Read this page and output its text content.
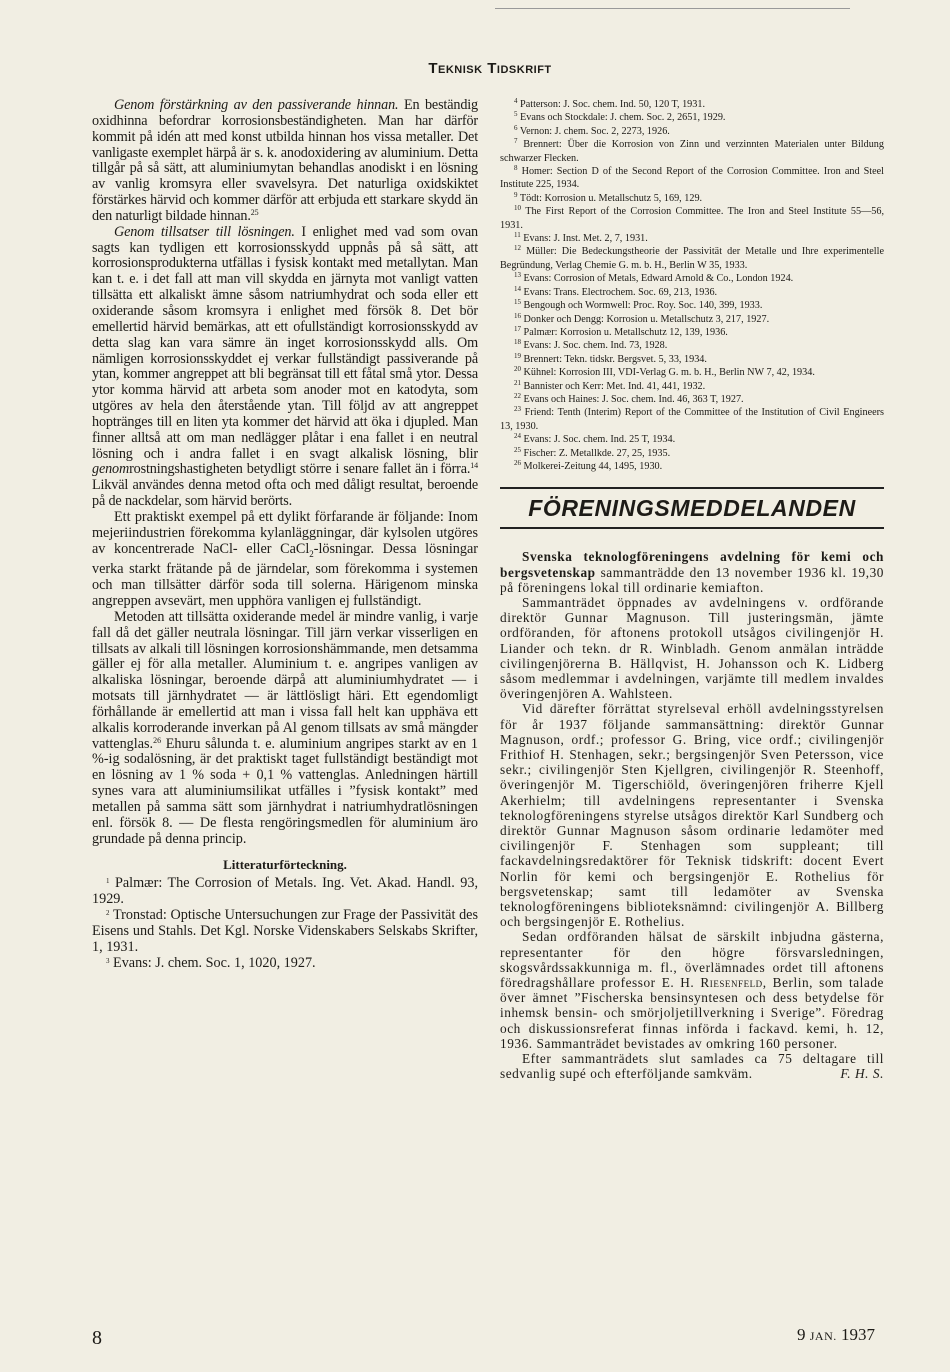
Teknisk Tidskrift

Genom förstärkning av den passiverande hinnan. En beständig oxidhinna befordrar korrosionsbeständigheten. Man har därför kommit på idén att med konst utbilda hinnan hos vissa metaller. Det vanligaste exemplet härpå är s. k. anodoxidering av aluminium. Detta tillgår på så sätt, att aluminiumytan behandlas anodiskt i en lösning av vanlig kromsyra eller svavelsyra. Det naturliga oxidskiktet förstärkes härvid och kommer därför att erbjuda ett starkare skydd än den naturligt bildade hinnan.$^{25}$

Genom tillsatser till lösningen. I enlighet med vad som ovan sagts kan tydligen ett korrosionsskydd uppnås på så sätt, att korrosionsprodukterna utfällas i fysisk kontakt med metallytan. Man kan t. e. i det fall att man vill skydda en järnyta mot vanligt vatten tillsätta ett alkaliskt ämne såsom natriumhydrat och soda eller ett oxiderande såsom kromsyra i enlighet med försök 8. Det bör emellertid härvid bemärkas, att ett ofullständigt korrosionsskydd av detta slag kan vara sämre än inget korrosionsskydd alls. Om nämligen korrosionsskyddet ej verkar fullständigt passiverande på ytan, kommer angreppet att bli begränsat till ett fåtal små ytor. Dessa ytor komma härvid att arbeta som anoder mot en katodyta, som utgöres av hela den återstående ytan. Till följd av att angreppet hoptränges till en liten yta kommer det härvid att öka i djupled. Man finner alltså att om man nedlägger plåtar i ena fallet i en neutral lösning och i andra fallet i en svagt alkalisk lösning, blir genomrostningshastigheten betydligt större i senare fallet än i förra.$^{14}$ Likväl användes denna metod ofta och med dåligt resultat, beroende på de nackdelar, som härvid berörts.

Ett praktiskt exempel på ett dylikt förfarande är följande: Inom mejeriindustrien förekomma kylanläggningar, där kylsolen utgöres av koncentrerade NaCl- eller CaCl$_2$-lösningar. Dessa lösningar verka starkt frätande på de järndelar, som förekomma i systemen och man tillsätter därför soda till solerna. Härigenom minska angreppen avsevärt, men upphöra vanligen ej fullständigt.

Metoden att tillsätta oxiderande medel är mindre vanlig, i varje fall då det gäller neutrala lösningar. Till järn verkar visserligen en tillsats av alkali till lösningen korrosionshämmande, men detsamma gäller ej för alla metaller. Aluminium t. e. angripes vanligen av alkaliska lösningar, beroende därpå att aluminiumhydratet — i motsats till järnhydratet — är lättlösligt häri. Ett egendomligt förhållande är emellertid att man i vissa fall helt kan upphäva ett alkalis korroderande inverkan på Al genom tillsats av små mängder vattenglas.$^{26}$ Ehuru sålunda t. e. aluminium angripes starkt av en 1 %-ig sodalösning, är det praktiskt taget fullständigt beständigt mot en lösning av 1 % soda + 0,1 % vattenglas. Anledningen härtill synes vara att aluminiumsilikat utfälles i ”fysisk kontakt” med metallen på samma sätt som järnhydrat i natriumhydratlösningen enl. försök 8. — De flesta rengöringsmedlen för aluminium äro grundade på denna princip.

Litteraturförteckning.

$^1$ Palmær: The Corrosion of Metals. Ing. Vet. Akad. Handl. 93, 1929.

$^2$ Tronstad: Optische Untersuchungen zur Frage der Passivität des Eisens und Stahls. Det Kgl. Norske Videnskabers Selskabs Skrifter, 1, 1931.

$^3$ Evans: J. chem. Soc. 1, 1020, 1927.

$^4$ Patterson: J. Soc. chem. Ind. 50, 120 T, 1931.

$^5$ Evans och Stockdale: J. chem. Soc. 2, 2651, 1929.

$^6$ Vernon: J. chem. Soc. 2, 2273, 1926.

$^7$ Brennert: Über die Korrosion von Zinn und verzinnten Materialen unter Bildung schwarzer Flecken.

$^8$ Homer: Section D of the Second Report of the Corrosion Committee. Iron and Steel Institute 225, 1934.

$^9$ Tödt: Korrosion u. Metallschutz 5, 169, 129.

$^{10}$ The First Report of the Corrosion Committee. The Iron and Steel Institute 55—56, 1931.

$^{11}$ Evans: J. Inst. Met. 2, 7, 1931.

$^{12}$ Müller: Die Bedeckungstheorie der Passivität der Metalle und Ihre experimentelle Begründung, Verlag Chemie G. m. b. H., Berlin W 35, 1933.

$^{13}$ Evans: Corrosion of Metals, Edward Arnold & Co., London 1924.

$^{14}$ Evans: Trans. Electrochem. Soc. 69, 213, 1936.

$^{15}$ Bengough och Wormwell: Proc. Roy. Soc. 140, 399, 1933.

$^{16}$ Donker och Dengg: Korrosion u. Metallschutz 3, 217, 1927.

$^{17}$ Palmær: Korrosion u. Metallschutz 12, 139, 1936.

$^{18}$ Evans: J. Soc. chem. Ind. 73, 1928.

$^{19}$ Brennert: Tekn. tidskr. Bergsvet. 5, 33, 1934.

$^{20}$ Kühnel: Korrosion III, VDI-Verlag G. m. b. H., Berlin NW 7, 42, 1934.

$^{21}$ Bannister och Kerr: Met. Ind. 41, 441, 1932.

$^{22}$ Evans och Haines: J. Soc. chem. Ind. 46, 363 T, 1927.

$^{23}$ Friend: Tenth (Interim) Report of the Committee of the Institution of Civil Engineers 13, 1930.

$^{24}$ Evans: J. Soc. chem. Ind. 25 T, 1934.

$^{25}$ Fischer: Z. Metallkde. 27, 25, 1935.

$^{26}$ Molkerei-Zeitung 44, 1495, 1930.

FÖRENINGSMEDDELANDEN

Svenska teknologföreningens avdelning för kemi och bergsvetenskap sammanträdde den 13 november 1936 kl. 19,30 på föreningens lokal till ordinarie kemiafton.

Sammanträdet öppnades av avdelningens v. ordförande direktör Gunnar Magnuson. Till justeringsmän, jämte ordföranden, för aftonens protokoll utsågos civilingenjör H. Liander och tekn. dr R. Winbladh. Genom anmälan inträdde civilingenjörerna B. Hällqvist, H. Johansson och K. Lidberg såsom medlemmar i avdelningen, varjämte till medlem invaldes överingenjören A. Wahlsteen.

Vid därefter förrättat styrelseval erhöll avdelningsstyrelsen för år 1937 följande sammansättning: direktör Gunnar Magnuson, ordf.; professor G. Bring, vice ordf.; civilingenjör Frithiof H. Stenhagen, sekr.; bergsingenjör Sven Petersson, vice sekr.; civilingenjör Sten Kjellgren, civilingenjör R. Steenhoff, överingenjör M. Tigerschiöld, överingenjören friherre Kjell Akerhielm; till avdelningens representanter i Svenska teknologföreningens styrelse utsågos direktör Karl Sundberg och direktör Gunnar Magnuson såsom ordinarie ledamöter med civilingenjör F. Stenhagen som suppleant; till fackavdelningsredaktörer för Teknisk tidskrift: docent Evert Norlin för kemi och bergsingenjör E. Rothelius för bergsvetenskap; samt till ledamöter av Svenska teknologföreningens biblioteksnämnd: civilingenjör A. Billberg och bergsingenjör E. Rothelius.

Sedan ordföranden hälsat de särskilt inbjudna gästerna, representanter för den högre försvarsledningen, skogsvårdssakkunniga m. fl., överlämnades ordet till aftonens föredragshållare professor E. H. Riesenfeld, Berlin, som talade över ämnet ”Fischerska bensinsyntesen och dess betydelse för inhemsk bensin- och smörjoljetillverkning i Sverige”. Föredrag och diskussionsreferat finnas införda i fackavd. kemi, h. 12, 1936. Sammanträdet bevistades av omkring 160 personer.

Efter sammanträdets slut samlades ca 75 deltagare till sedvanlig supé och efterföljande samkväm.	F. H. S.

8	9 JAN. 1937
